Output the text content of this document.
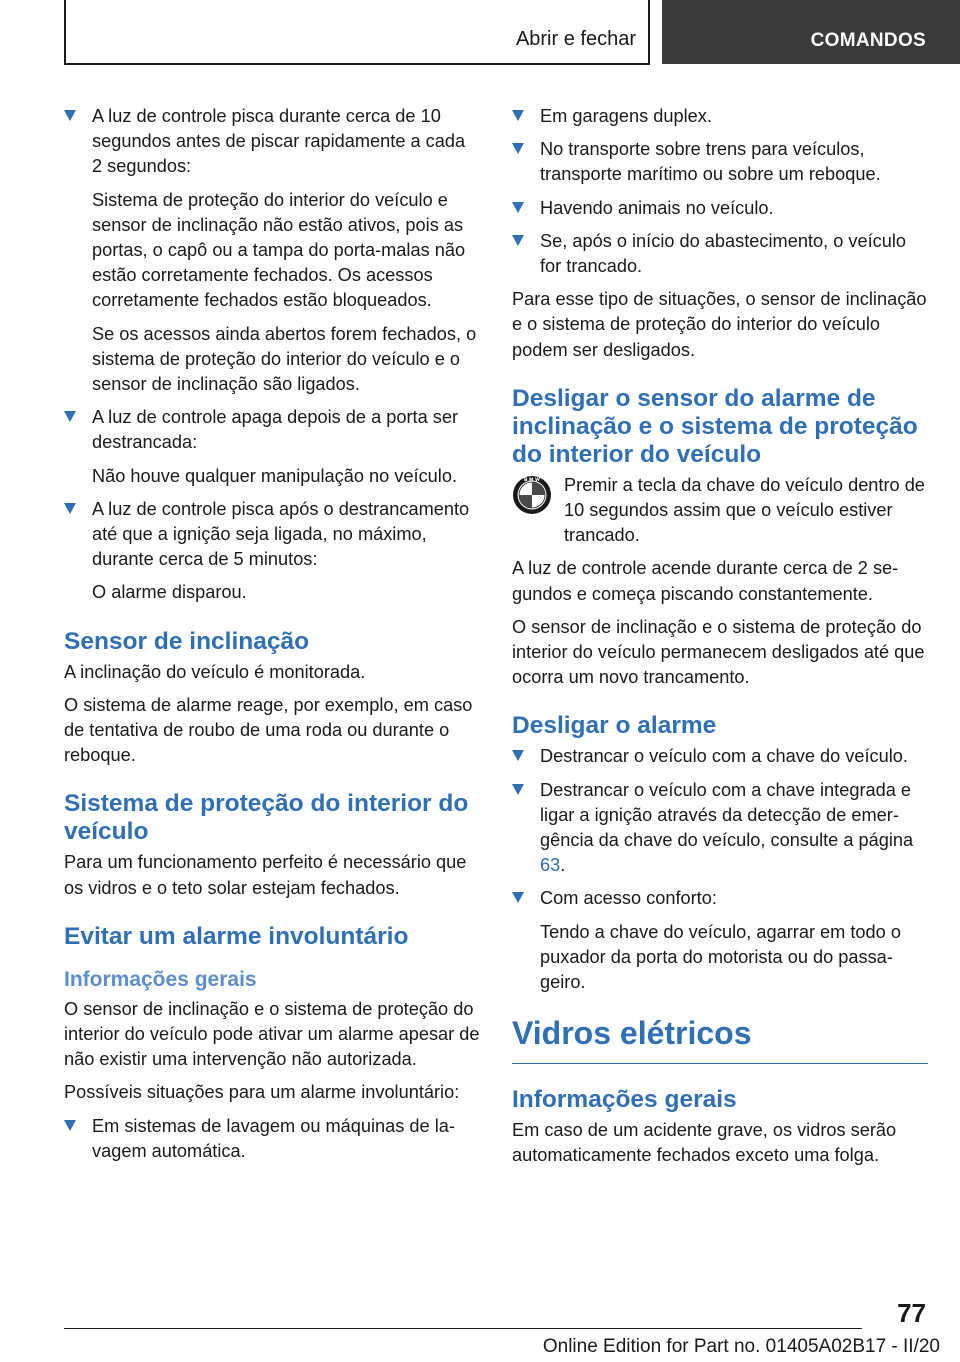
Abrir e fechar	COMANDOS
A luz de controle pisca durante cerca de 10 segundos antes de piscar rapidamente a cada 2 segundos:
Sistema de proteção do interior do veículo e sensor de inclinação não estão ativos, pois as portas, o capô ou a tampa do porta-malas não estão corretamente fechados. Os acessos corretamente fechados estão bloqueados.
Se os acessos ainda abertos forem fechados, o sistema de proteção do interior do veículo e o sensor de inclinação são ligados.
A luz de controle apaga depois de a porta ser destrancada:
Não houve qualquer manipulação no veículo.
A luz de controle pisca após o destrancamento até que a ignição seja ligada, no máximo, durante cerca de 5 minutos:
O alarme disparou.
Sensor de inclinação

A inclinação do veículo é monitorada.

O sistema de alarme reage, por exemplo, em caso de tentativa de roubo de uma roda ou durante o reboque.

Sistema de proteção do interior do veículo

Para um funcionamento perfeito é necessário que os vidros e o teto solar estejam fechados.

Evitar um alarme involuntário
Informações gerais

O sensor de inclinação e o sistema de proteção do interior do veículo pode ativar um alarme apesar de não existir uma intervenção não autorizada.

Possíveis situações para um alarme involuntário:

Em sistemas de lavagem ou máquinas de lavagem automática.
Em garagens duplex.
No transporte sobre trens para veículos, transporte marítimo ou sobre um reboque.
Havendo animais no veículo.
Se, após o início do abastecimento, o veículo for trancado.

Para esse tipo de situações, o sensor de inclinação e o sistema de proteção do interior do veículo podem ser desligados.

Desligar o sensor do alarme de inclinação e o sistema de proteção do interior do veículo
B M W Premir a tecla da chave do veículo dentro de 10 segundos assim que o veículo estiver trancado.

A luz de controle acende durante cerca de 2 segundos e começa piscando constantemente.

O sensor de inclinação e o sistema de proteção do interior do veículo permanecem desligados até que ocorra um novo trancamento.

Desligar o alarme
Destrancar o veículo com a chave do veículo.
Destrancar o veículo com a chave integrada e ligar a ignição através da detecção de emergência da chave do veículo, consulte a página 63.
Com acesso conforto:
Tendo a chave do veículo, agarrar em todo o puxador da porta do motorista ou do passageiro.
Vidros elétricos
Informações gerais

Em caso de um acidente grave, os vidros serão automaticamente fechados exceto uma folga.

77
Online Edition for Part no. 01405A02B17 - II/20
